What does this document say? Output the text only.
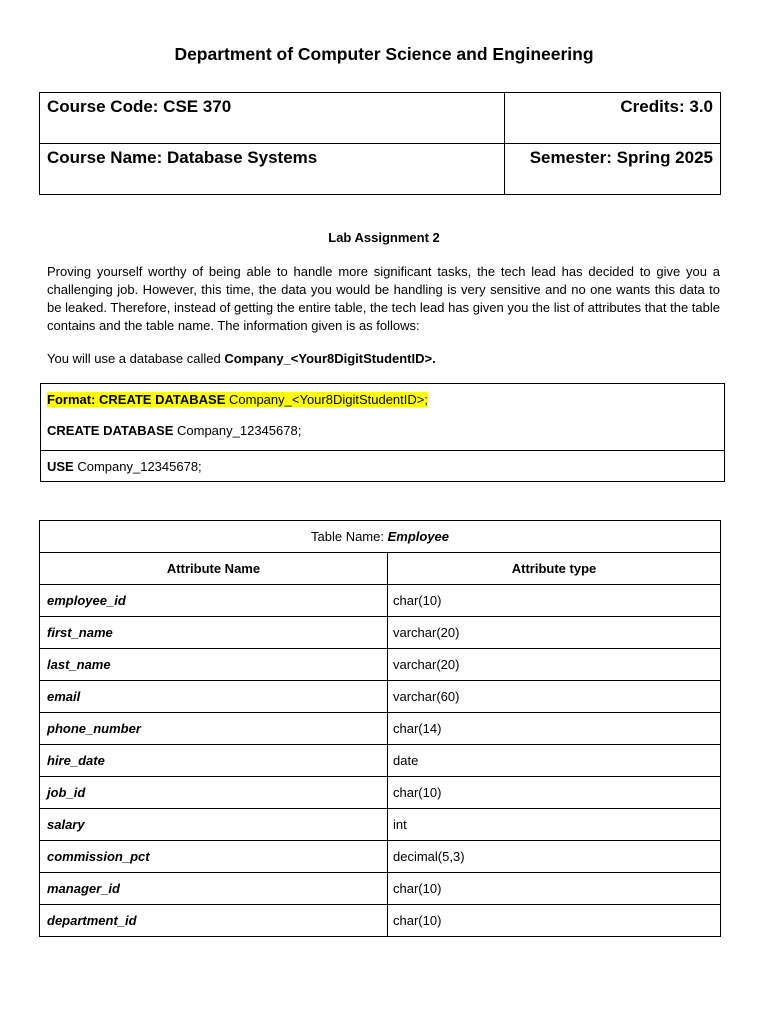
Department of Computer Science and Engineering
Course Code: CSE 370	Credits: 3.0
Course Name: Database Systems	Semester: Spring 2025
Lab Assignment 2

Proving yourself worthy of being able to handle more significant tasks, the tech lead has decided to give you a challenging job. However, this time, the data you would be handling is very sensitive and no one wants this data to be leaked. Therefore, instead of getting the entire table, the tech lead has given you the list of attributes that the table contains and the table name. The information given is as follows:

You will use a database called Company_<Your8DigitStudentID>.

Format: CREATE DATABASE Company_<Your8DigitStudentID>;
CREATE DATABASE Company_12345678;

USE Company_12345678;
Table Name: Employee	
Attribute Name	Attribute type
employee_id	char(10)
first_name	varchar(20)
last_name	varchar(20)
email	varchar(60)
phone_number	char(14)
hire_date	date
job_id	char(10)
salary	int
commission_pct	decimal(5,3)
manager_id	char(10)
department_id	char(10)
